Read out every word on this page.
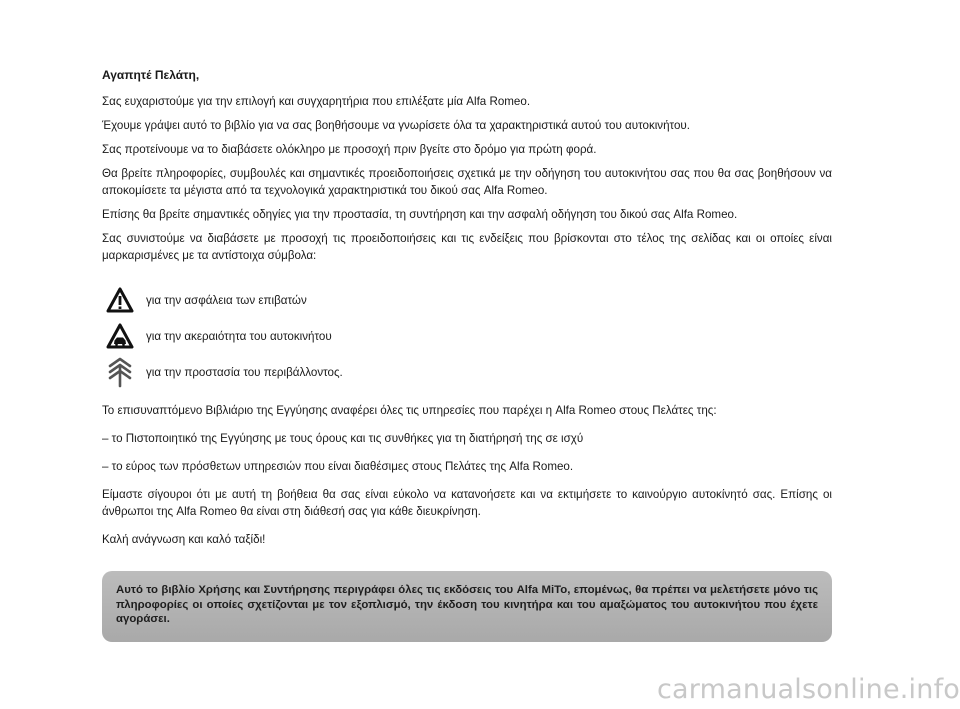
Αγαπητέ Πελάτη,

Σας ευχαριστούμε για την επιλογή και συγχαρητήρια που επιλέξατε μία Alfa Romeo.

Έχουμε γράψει αυτό το βιβλίο για να σας βοηθήσουμε να γνωρίσετε όλα τα χαρακτηριστικά αυτού του αυτοκινήτου.

Σας προτείνουμε να το διαβάσετε ολόκληρο με προσοχή πριν βγείτε στο δρόμο για πρώτη φορά.

Θα βρείτε πληροφορίες, συμβουλές και σημαντικές προειδοποιήσεις σχετικά με την οδήγηση του αυτοκινήτου σας που θα σας βοηθήσουν να αποκομίσετε τα μέγιστα από τα τεχνολογικά χαρακτηριστικά του δικού σας Alfa Romeo.

Επίσης θα βρείτε σημαντικές οδηγίες για την προστασία, τη συντήρηση και την ασφαλή οδήγηση του δικού σας Alfa Romeo.

Σας συνιστούμε να διαβάσετε με προσοχή τις προειδοποιήσεις και τις ενδείξεις που βρίσκονται στο τέλος της σελίδας και οι οποίες είναι μαρκαρισμένες με τα αντίστοιχα σύμβολα:

για την ασφάλεια των επιβατών
για την ακεραιότητα του αυτοκινήτου
για την προστασία του περιβάλλοντος.

Το επισυναπτόμενο Βιβλιάριο της Εγγύησης αναφέρει όλες τις υπηρεσίες που παρέχει η Alfa Romeo στους Πελάτες της:

– το Πιστοποιητικό της Εγγύησης με τους όρους και τις συνθήκες για τη διατήρησή της σε ισχύ

– το εύρος των πρόσθετων υπηρεσιών που είναι διαθέσιμες στους Πελάτες της Alfa Romeo.

Είμαστε σίγουροι ότι με αυτή τη βοήθεια θα σας είναι εύκολο να κατανοήσετε και να εκτιμήσετε το καινούργιο αυτοκίνητό σας. Επίσης οι άνθρωποι της Alfa Romeo θα είναι στη διάθεσή σας για κάθε διευκρίνηση.

Καλή ανάγνωση και καλό ταξίδι!

Αυτό το βιβλίο Χρήσης και Συντήρησης περιγράφει όλες τις εκδόσεις του Alfa MiTo, επομένως, θα πρέπει να μελετήσετε μόνο τις πληροφορίες οι οποίες σχετίζονται με τον εξοπλισμό, την έκδοση του κινητήρα και του αμαξώματος του αυτοκινήτου που έχετε αγοράσει.

carmanualsonline.info
